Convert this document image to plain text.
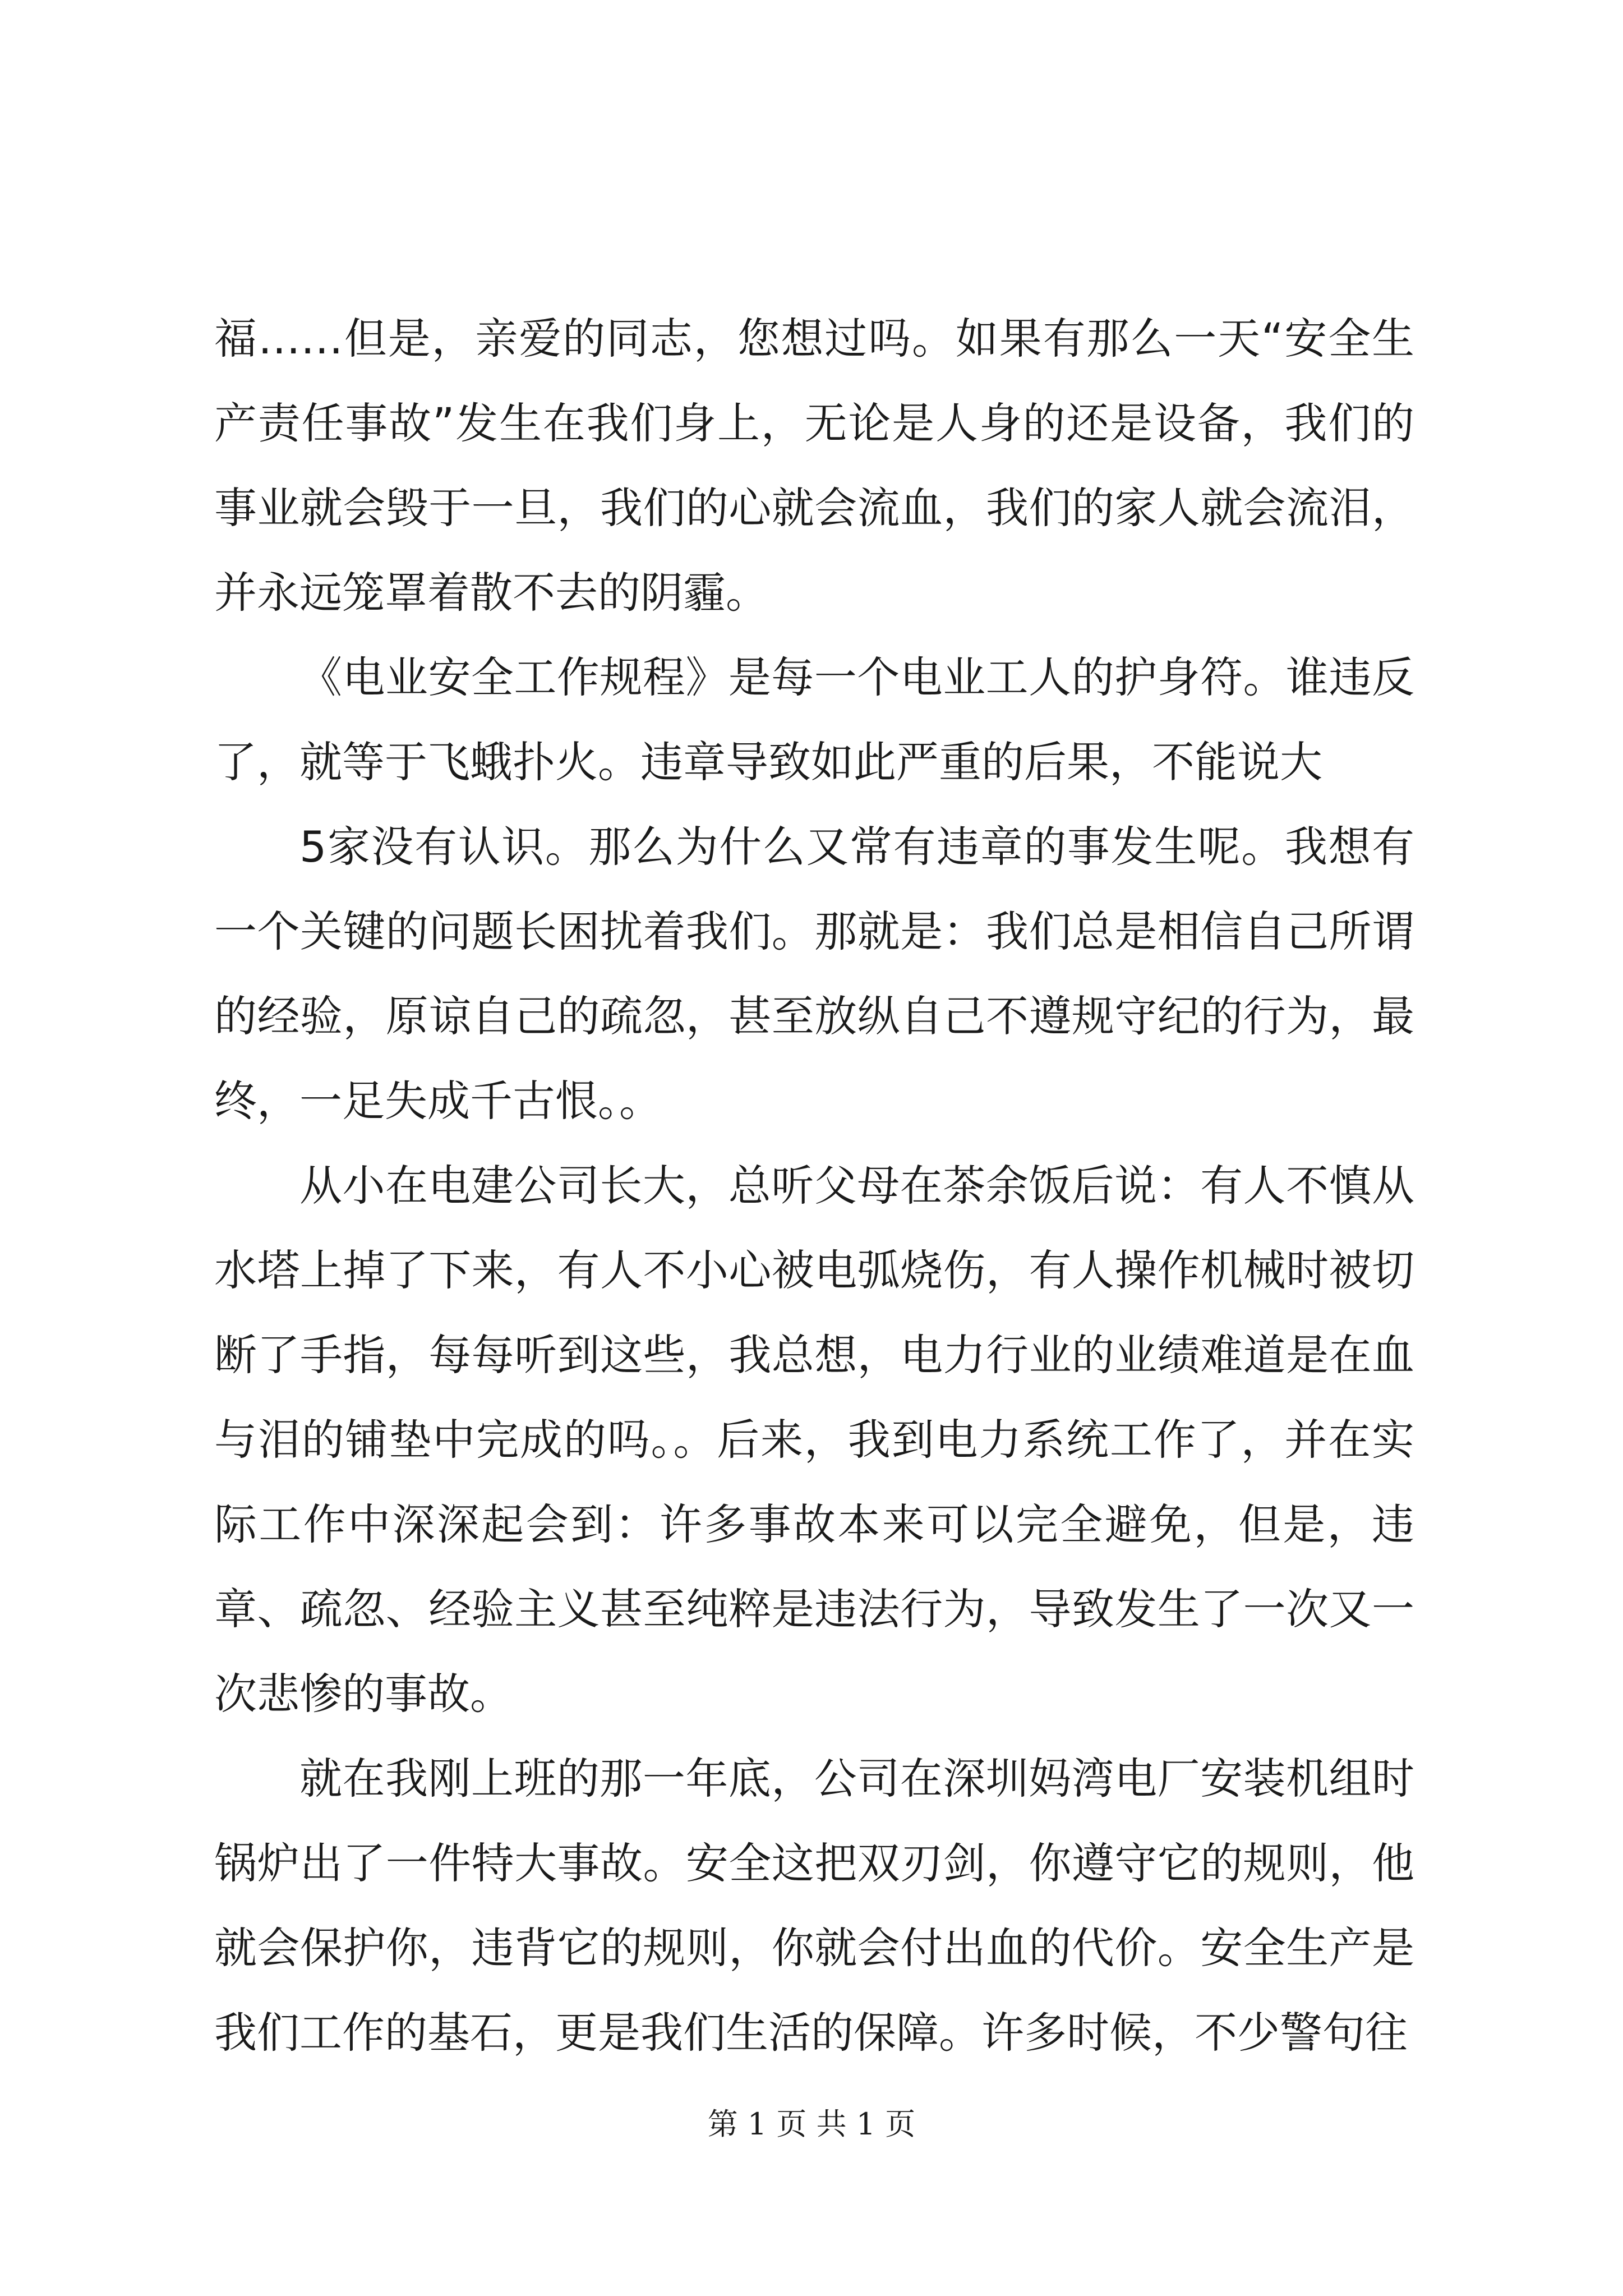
福……但是，亲爱的同志，您想过吗。如果有那么一天“安全生产责任事故”发生在我们身上，无论是人身的还是设备，我们的事业就会毁于一旦，我们的心就会流血，我们的家人就会流泪，并永远笼罩着散不去的阴霾。

《电业安全工作规程》是每一个电业工人的护身符。谁违反了，就等于飞蛾扑火。违章导致如此严重的后果，不能说大

5家没有认识。那么为什么又常有违章的事发生呢。我想有一个关键的问题长困扰着我们。那就是：我们总是相信自己所谓的经验，原谅自己的疏忽，甚至放纵自己不遵规守纪的行为，最终，一足失成千古恨。。

从小在电建公司长大，总听父母在茶余饭后说：有人不慎从水塔上掉了下来，有人不小心被电弧烧伤，有人操作机械时被切断了手指，每每听到这些，我总想，电力行业的业绩难道是在血与泪的铺垫中完成的吗。。后来，我到电力系统工作了，并在实际工作中深深起会到：许多事故本来可以完全避免，但是，违章、疏忽、经验主义甚至纯粹是违法行为，导致发生了一次又一次悲惨的事故。

就在我刚上班的那一年底，公司在深圳妈湾电厂安装机组时锅炉出了一件特大事故。安全这把双刃剑，你遵守它的规则，他就会保护你，违背它的规则，你就会付出血的代价。安全生产是我们工作的基石，更是我们生活的保障。许多时候，不少警句往

第 1 页 共 1 页
